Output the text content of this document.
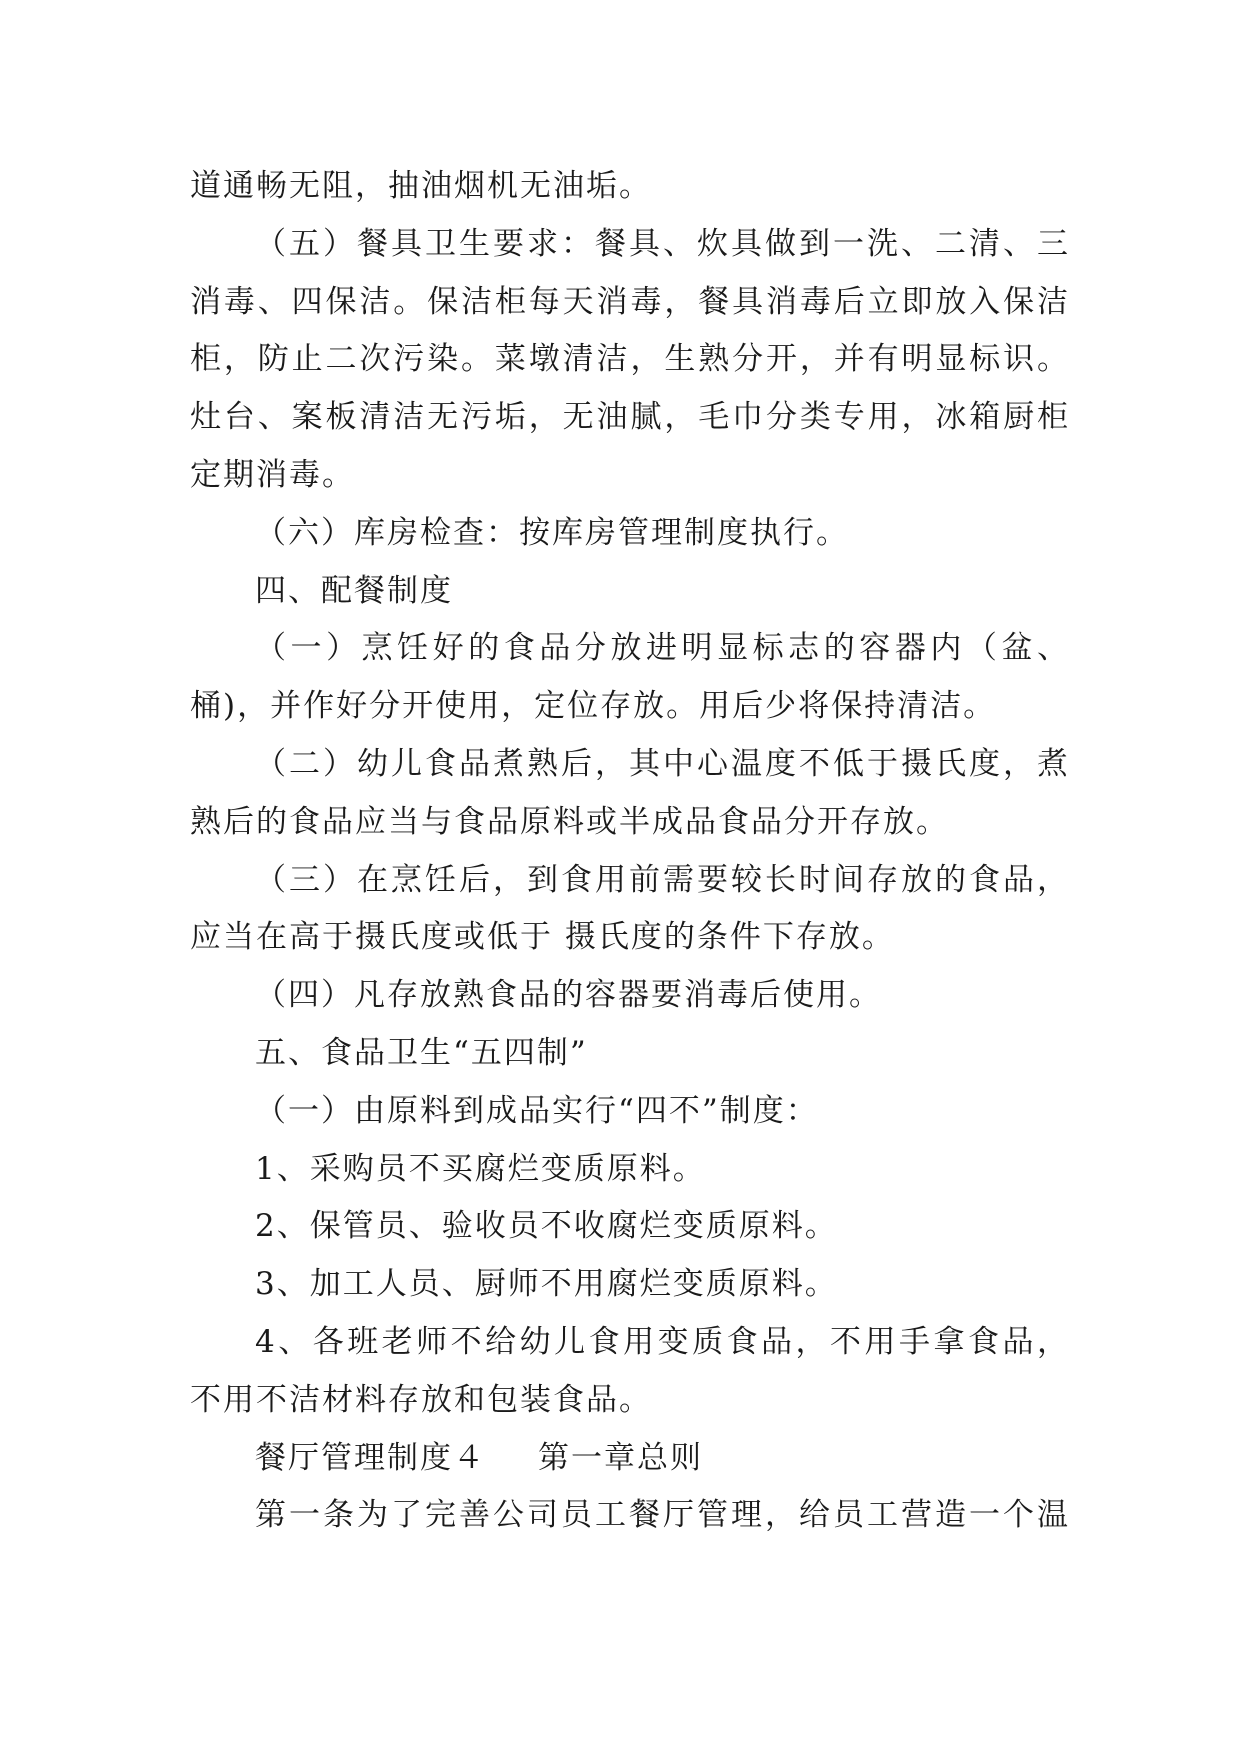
道通畅无阻，抽油烟机无油垢。
（五）餐具卫生要求：餐具、炊具做到一洗、二清、三
消毒、四保洁。保洁柜每天消毒，餐具消毒后立即放入保洁
柜，防止二次污染。菜墩清洁，生熟分开，并有明显标识。
灶台、案板清洁无污垢，无油腻，毛巾分类专用，冰箱厨柜
定期消毒。
（六）库房检查：按库房管理制度执行。
四、配餐制度
（一）烹饪好的食品分放进明显标志的容器内（盆、
桶)，并作好分开使用，定位存放。用后少将保持清洁。
（二）幼儿食品煮熟后，其中心温度不低于摄氏度，煮
熟后的食品应当与食品原料或半成品食品分开存放。
（三）在烹饪后，到食用前需要较长时间存放的食品，
应当在高于摄氏度或低于 摄氏度的条件下存放。
（四）凡存放熟食品的容器要消毒后使用。
五、食品卫生“五四制”
（一）由原料到成品实行“四不”制度：
1、采购员不买腐烂变质原料。
2、保管员、验收员不收腐烂变质原料。
3、加工人员、厨师不用腐烂变质原料。
4、各班老师不给幼儿食用变质食品，不用手拿食品，
不用不洁材料存放和包装食品。
餐厅管理制度４ 第一章总则
第一条为了完善公司员工餐厅管理，给员工营造一个温
